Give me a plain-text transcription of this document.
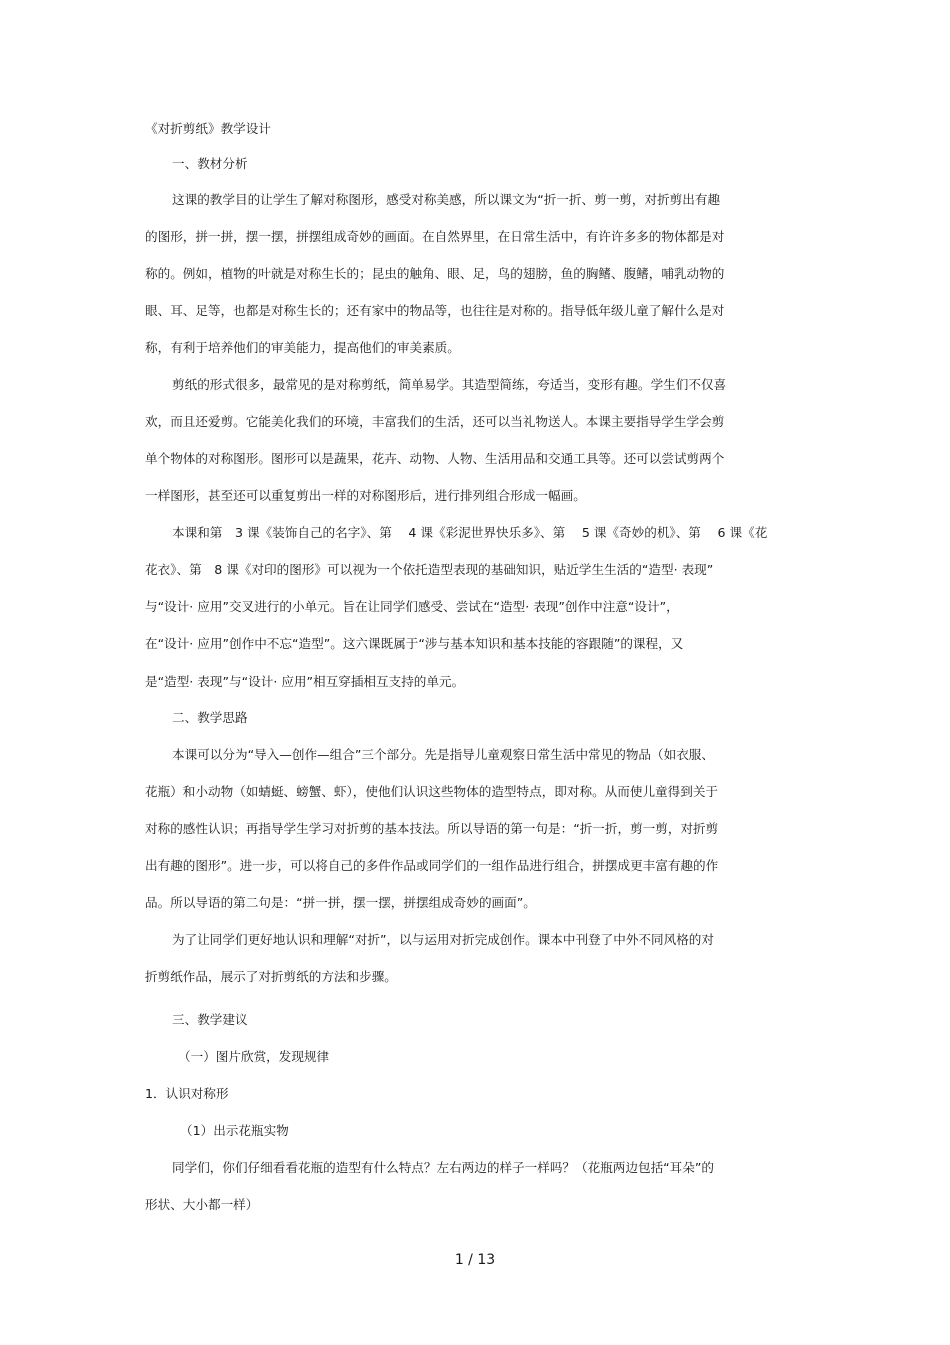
《对折剪纸》教学设计
一、教材分析
这课的教学目的让学生了解对称图形，感受对称美感，所以课文为“折一折、剪一剪，对折剪出有趣
的图形，拼一拼，摆一摆，拼摆组成奇妙的画面。在自然界里，在日常生活中，有许许多多的物体都是对
称的。例如，植物的叶就是对称生长的；昆虫的触角、眼、足，鸟的翅膀，鱼的胸鳍、腹鳍，哺乳动物的
眼、耳、足等，也都是对称生长的；还有家中的物品等，也往往是对称的。指导低年级儿童了解什么是对
称，有利于培养他们的审美能力，提高他们的审美素质。
剪纸的形式很多，最常见的是对称剪纸，简单易学。其造型简练，夸适当，变形有趣。学生们不仅喜
欢，而且还爱剪。它能美化我们的环境，丰富我们的生活，还可以当礼物送人。本课主要指导学生学会剪
单个物体的对称图形。图形可以是蔬果，花卉、动物、人物、生活用品和交通工具等。还可以尝试剪两个
一样图形，甚至还可以重复剪出一样的对称图形后，进行排列组合形成一幅画。
本课和第　3 课《装饰自己的名字》、第　 4 课《彩泥世界快乐多》、第　 5 课《奇妙的机》、第　 6 课《花
花衣》、第　8 课《对印的图形》可以视为一个依托造型表现的基础知识，贴近学生生活的“造型· 表现”
与“设计· 应用”交叉进行的小单元。旨在让同学们感受、尝试在“造型· 表现”创作中注意“设计”，
在“设计· 应用”创作中不忘“造型”。这六课既属于“涉与基本知识和基本技能的容跟随”的课程，又
是“造型· 表现”与“设计· 应用”相互穿插相互支持的单元。
二、教学思路
本课可以分为“导入—创作—组合”三个部分。先是指导儿童观察日常生活中常见的物品（如衣服、
花瓶）和小动物（如蜻蜓、螃蟹、虾），使他们认识这些物体的造型特点，即对称。从而使儿童得到关于
对称的感性认识；再指导学生学习对折剪的基本技法。所以导语的第一句是：“折一折，剪一剪，对折剪
出有趣的图形”。进一步，可以将自己的多件作品或同学们的一组作品进行组合，拼摆成更丰富有趣的作
品。所以导语的第二句是：“拼一拼，摆一摆，拼摆组成奇妙的画面”。
为了让同学们更好地认识和理解“对折”，以与运用对折完成创作。课本中刊登了中外不同风格的对
折剪纸作品，展示了对折剪纸的方法和步骤。
三、教学建议
（一）图片欣赏，发现规律
1．认识对称形
（1）出示花瓶实物
同学们，你们仔细看看花瓶的造型有什么特点？左右两边的样子一样吗？（花瓶两边包括“耳朵”的
形状、大小都一样）
1 / 13
